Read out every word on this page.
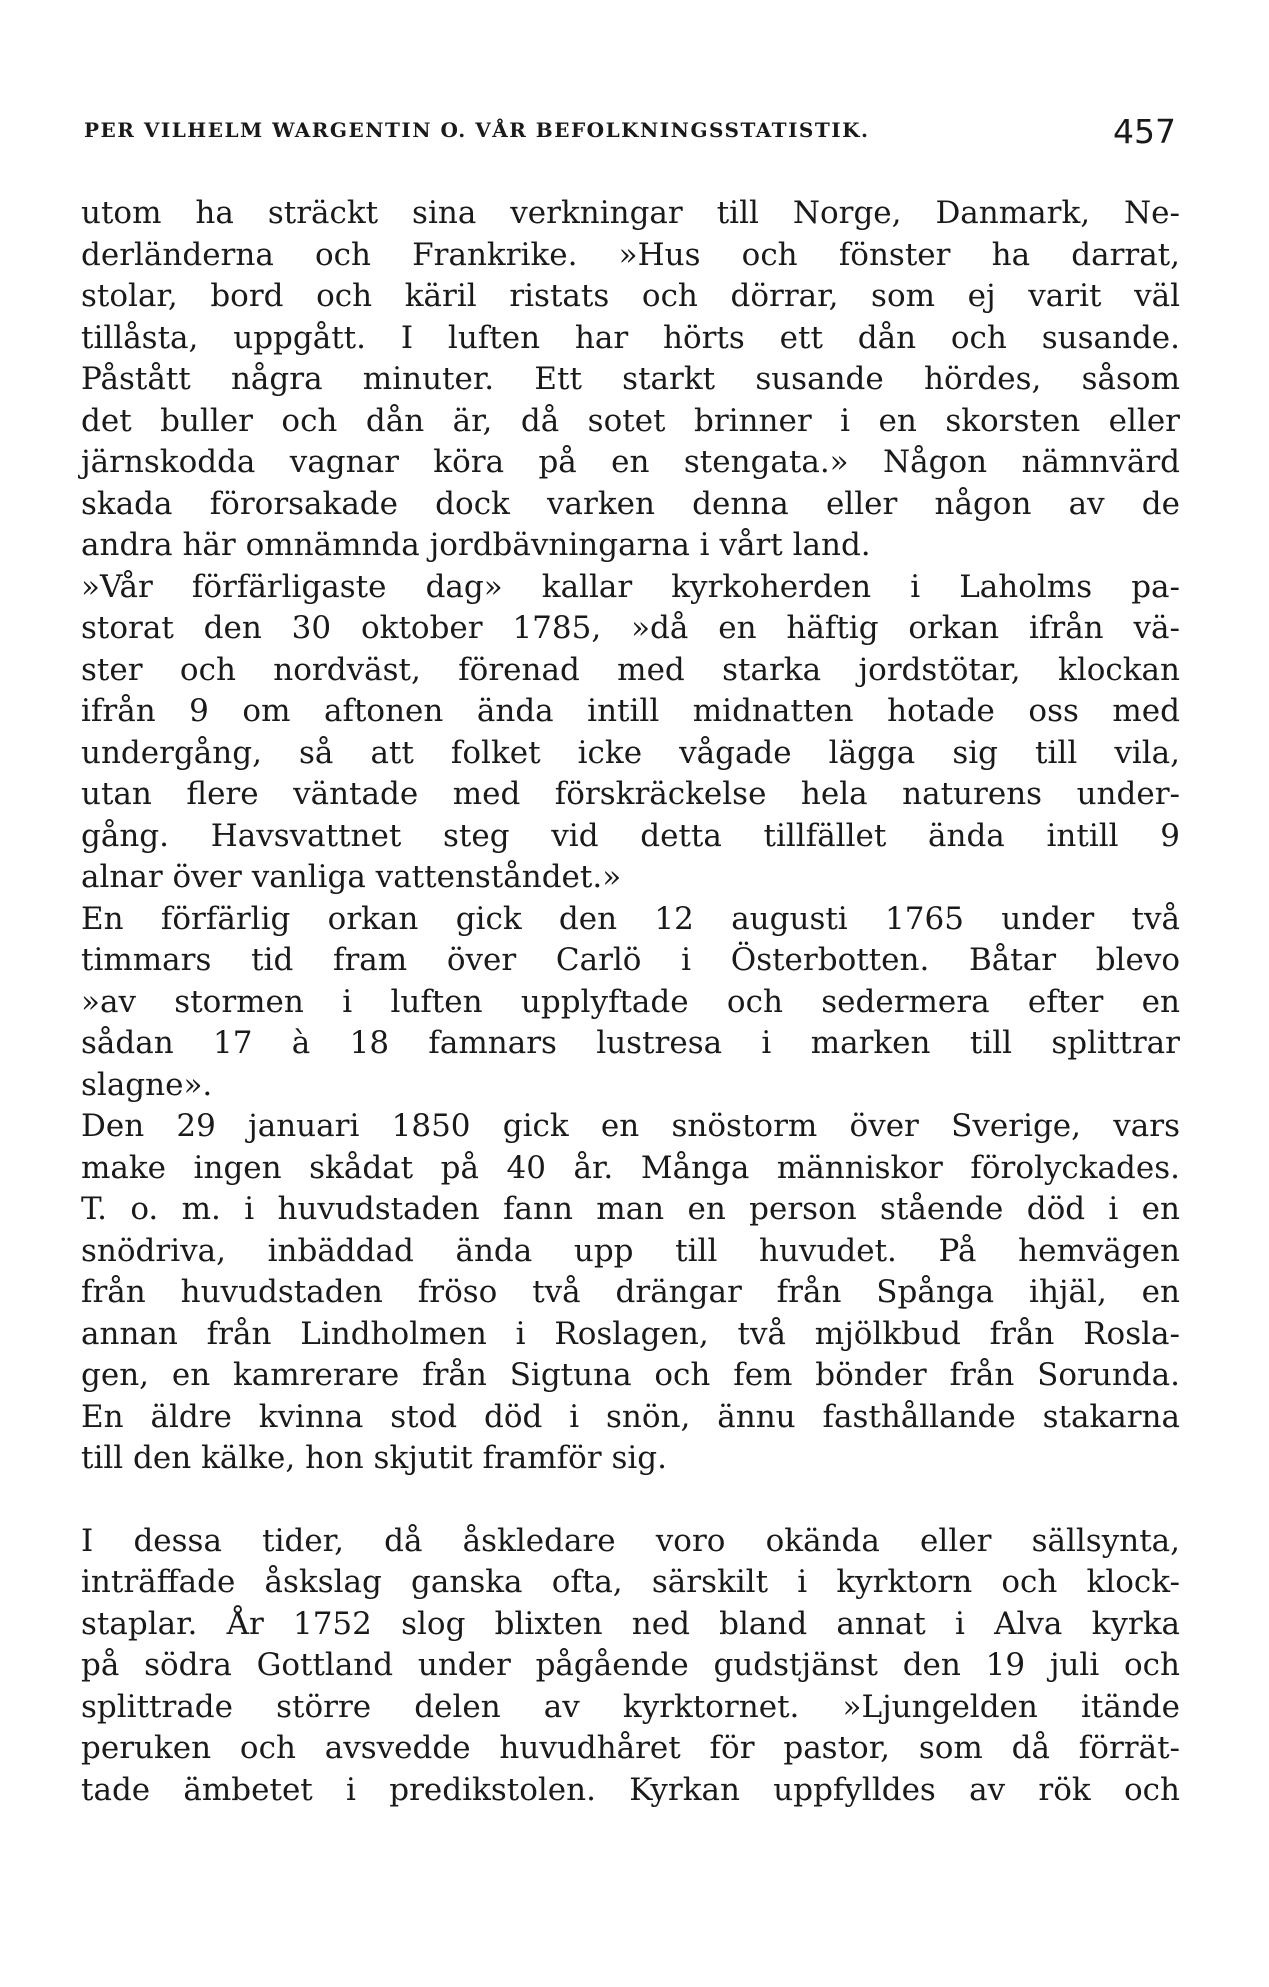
PER VILHELM WARGENTIN O. VÅR BEFOLKNINGSSTATISTIK.	457
utom ha sträckt sina verkningar till Norge, Danmark, Ne-
derländerna och Frankrike. »Hus och fönster ha darrat,
stolar, bord och käril ristats och dörrar, som ej varit väl
tillåsta, uppgått. I luften har hörts ett dån och susande.
Påstått några minuter. Ett starkt susande hördes, såsom
det buller och dån är, då sotet brinner i en skorsten eller
järnskodda vagnar köra på en stengata.» Någon nämnvärd
skada förorsakade dock varken denna eller någon av de
andra här omnämnda jordbävningarna i vårt land.
»Vår förfärligaste dag» kallar kyrkoherden i Laholms pa-
storat den 30 oktober 1785, »då en häftig orkan ifrån vä-
ster och nordväst, förenad med starka jordstötar, klockan
ifrån 9 om aftonen ända intill midnatten hotade oss med
undergång, så att folket icke vågade lägga sig till vila,
utan flere väntade med förskräckelse hela naturens under-
gång. Havsvattnet steg vid detta tillfället ända intill 9
alnar över vanliga vattenståndet.»
En förfärlig orkan gick den 12 augusti 1765 under två
timmars tid fram över Carlö i Österbotten. Båtar blevo
»av stormen i luften upplyftade och sedermera efter en
sådan 17 à 18 famnars lustresa i marken till splittrar
slagne».
Den 29 januari 1850 gick en snöstorm över Sverige, vars
make ingen skådat på 40 år. Många människor förolyckades.
T. o. m. i huvudstaden fann man en person stående död i en
snödriva, inbäddad ända upp till huvudet. På hemvägen
från huvudstaden fröso två drängar från Spånga ihjäl, en
annan från Lindholmen i Roslagen, två mjölkbud från Rosla-
gen, en kamrerare från Sigtuna och fem bönder från Sorunda.
En äldre kvinna stod död i snön, ännu fasthållande stakarna
till den kälke, hon skjutit framför sig.
I dessa tider, då åskledare voro okända eller sällsynta,
inträffade åskslag ganska ofta, särskilt i kyrktorn och klock-
staplar. År 1752 slog blixten ned bland annat i Alva kyrka
på södra Gottland under pågående gudstjänst den 19 juli och
splittrade större delen av kyrktornet. »Ljungelden itände
peruken och avsvedde huvudhåret för pastor, som då förrät-
tade ämbetet i predikstolen. Kyrkan uppfylldes av rök och
